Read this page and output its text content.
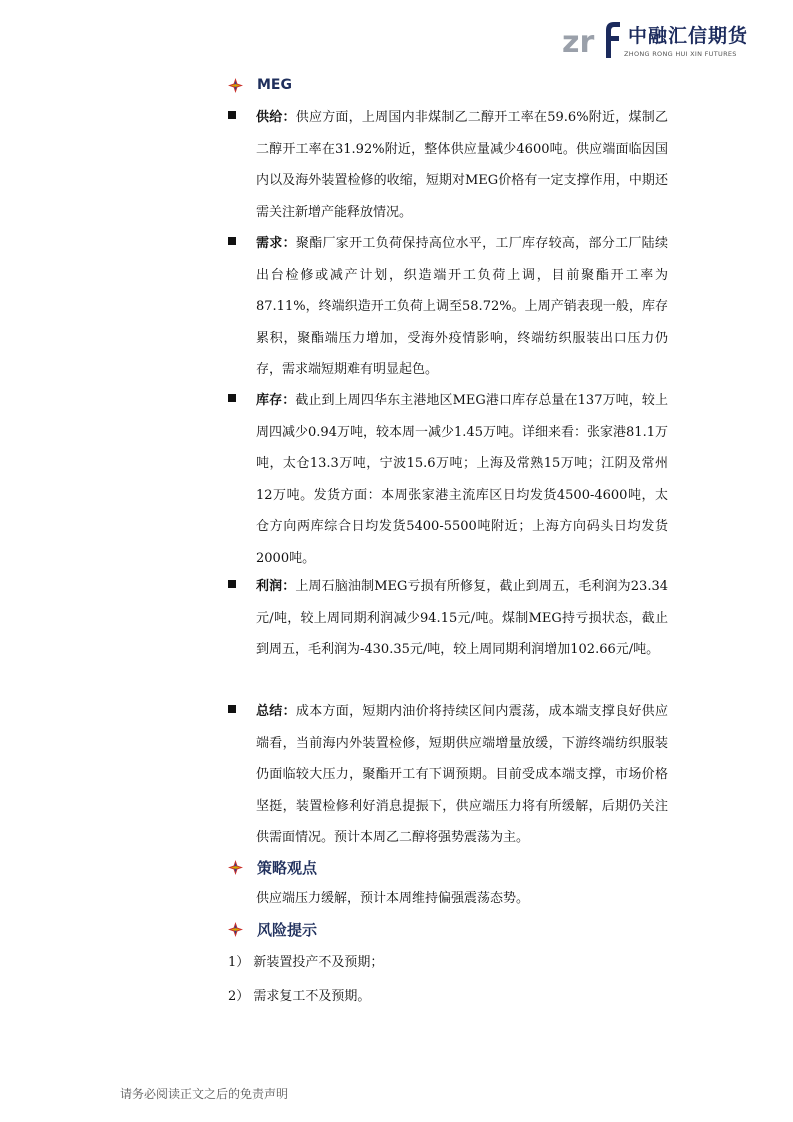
zr 中融汇信期货
ZHONG RONG HUI XIN FUTURES
MEG
供给：供应方面，上周国内非煤制乙二醇开工率在59.6%附近，煤制乙二醇开工率在31.92%附近，整体供应量减少4600吨。供应端面临因国内以及海外装置检修的收缩，短期对MEG价格有一定支撑作用，中期还需关注新增产能释放情况。
需求：聚酯厂家开工负荷保持高位水平，工厂库存较高，部分工厂陆续出台检修或减产计划，织造端开工负荷上调，目前聚酯开工率为87.11%，终端织造开工负荷上调至58.72%。上周产销表现一般，库存累积，聚酯端压力增加，受海外疫情影响，终端纺织服装出口压力仍存，需求端短期难有明显起色。
库存：截止到上周四华东主港地区MEG港口库存总量在137万吨，较上周四减少0.94万吨，较本周一减少1.45万吨。详细来看：张家港81.1万吨，太仓13.3万吨，宁波15.6万吨；上海及常熟15万吨；江阴及常州12万吨。发货方面：本周张家港主流库区日均发货4500-4600吨，太仓方向两库综合日均发货5400-5500吨附近；上海方向码头日均发货2000吨。
利润：上周石脑油制MEG亏损有所修复，截止到周五，毛利润为23.34元/吨，较上周同期利润减少94.15元/吨。煤制MEG持亏损状态，截止到周五，毛利润为-430.35元/吨，较上周同期利润增加102.66元/吨。
总结：成本方面，短期内油价将持续区间内震荡，成本端支撑良好供应端看，当前海内外装置检修，短期供应端增量放缓，下游终端纺织服装仍面临较大压力，聚酯开工有下调预期。目前受成本端支撑，市场价格坚挺，装置检修利好消息提振下，供应端压力将有所缓解，后期仍关注供需面情况。预计本周乙二醇将强势震荡为主。
策略观点
供应端压力缓解，预计本周维持偏强震荡态势。
风险提示
1） 新装置投产不及预期；
2） 需求复工不及预期。
请务必阅读正文之后的免责声明
